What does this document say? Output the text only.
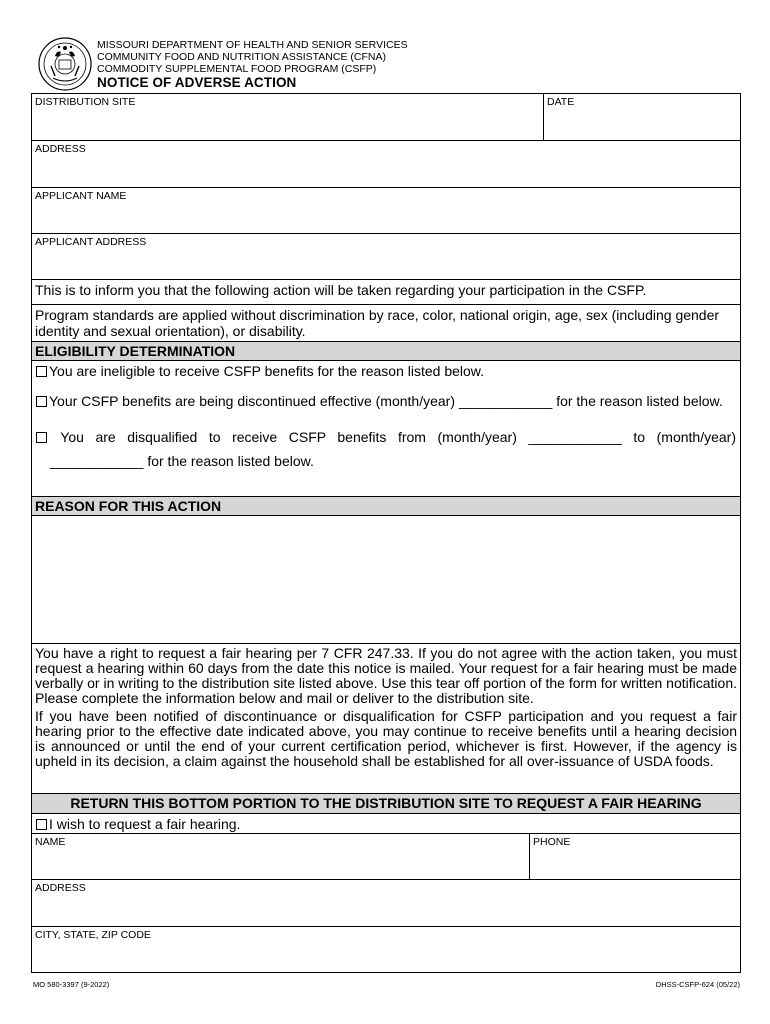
MISSOURI DEPARTMENT OF HEALTH AND SENIOR SERVICES
COMMUNITY FOOD AND NUTRITION ASSISTANCE (CFNA)
COMMODITY SUPPLEMENTAL FOOD PROGRAM (CSFP)
NOTICE OF ADVERSE ACTION
DISTRIBUTION SITE	DATE
ADDRESS
APPLICANT NAME
APPLICANT ADDRESS
This is to inform you that the following action will be taken regarding your participation in the CSFP.
Program standards are applied without discrimination by race, color, national origin, age, sex (including gender identity and sexual orientation), or disability.
ELIGIBILITY DETERMINATION
You are ineligible to receive CSFP benefits for the reason listed below.
Your CSFP benefits are being discontinued effective (month/year) ____________ for the reason listed below.
You are disqualified to receive CSFP benefits from (month/year) ____________ to (month/year)
____________ for the reason listed below.
REASON FOR THIS ACTION
You have a right to request a fair hearing per 7 CFR 247.33. If you do not agree with the action taken, you must request a hearing within 60 days from the date this notice is mailed. Your request for a fair hearing must be made verbally or in writing to the distribution site listed above. Use this tear off portion of the form for written notification. Please complete the information below and mail or deliver to the distribution site.
If you have been notified of discontinuance or disqualification for CSFP participation and you request a fair hearing prior to the effective date indicated above, you may continue to receive benefits until a hearing decision is announced or until the end of your current certification period, whichever is first. However, if the agency is upheld in its decision, a claim against the household shall be established for all over-issuance of USDA foods.
RETURN THIS BOTTOM PORTION TO THE DISTRIBUTION SITE TO REQUEST A FAIR HEARING
I wish to request a fair hearing.
NAME	PHONE
ADDRESS
CITY, STATE, ZIP CODE
MO 580-3397 (9-2022)	DHSS-CSFP-624 (05/22)
